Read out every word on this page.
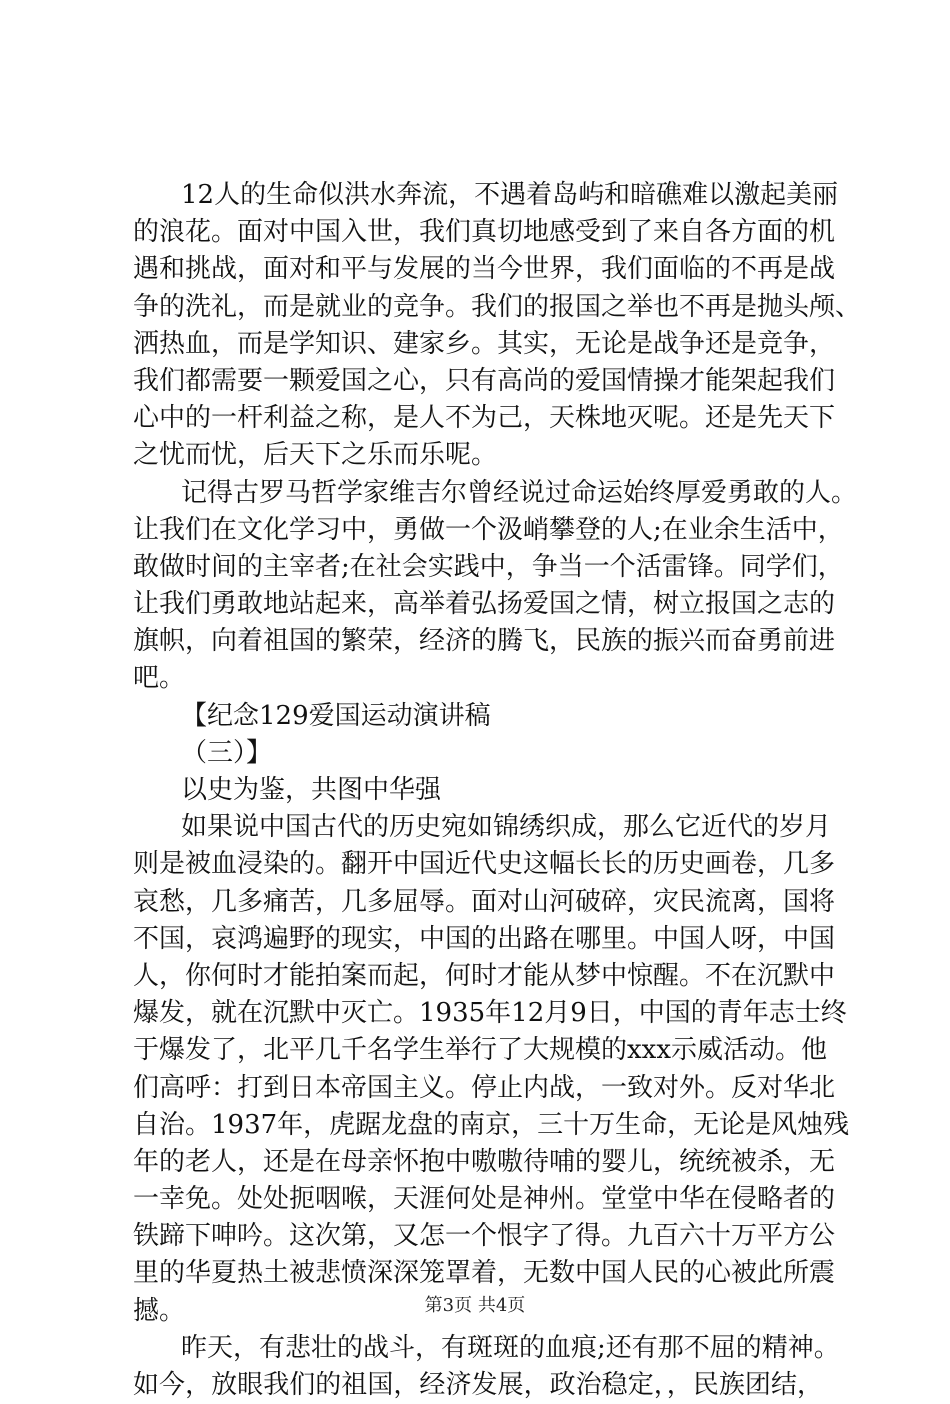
12人的生命似洪水奔流，不遇着岛屿和暗礁难以激起美丽
的浪花。面对中国入世，我们真切地感受到了来自各方面的机
遇和挑战，面对和平与发展的当今世界，我们面临的不再是战
争的洗礼，而是就业的竞争。我们的报国之举也不再是抛头颅、
洒热血，而是学知识、建家乡。其实，无论是战争还是竞争，
我们都需要一颗爱国之心，只有高尚的爱国情操才能架起我们
心中的一杆利益之称，是人不为己，天株地灭呢。还是先天下
之忧而忧，后天下之乐而乐呢。
记得古罗马哲学家维吉尔曾经说过命运始终厚爱勇敢的人。
让我们在文化学习中，勇做一个汲峭攀登的人;在业余生活中，
敢做时间的主宰者;在社会实践中，争当一个活雷锋。同学们，
让我们勇敢地站起来，高举着弘扬爱国之情，树立报国之志的
旗帜，向着祖国的繁荣，经济的腾飞，民族的振兴而奋勇前进
吧。
【纪念129爱国运动演讲稿
（三）】
以史为鉴，共图中华强
如果说中国古代的历史宛如锦绣织成，那么它近代的岁月
则是被血浸染的。翻开中国近代史这幅长长的历史画卷，几多
哀愁，几多痛苦，几多屈辱。面对山河破碎，灾民流离，国将
不国，哀鸿遍野的现实，中国的出路在哪里。中国人呀，中国
人，你何时才能拍案而起，何时才能从梦中惊醒。不在沉默中
爆发，就在沉默中灭亡。1935年12月9日，中国的青年志士终
于爆发了，北平几千名学生举行了大规模的xxx示威活动。他
们高呼：打到日本帝国主义。停止内战，一致对外。反对华北
自治。1937年，虎踞龙盘的南京，三十万生命，无论是风烛残
年的老人，还是在母亲怀抱中嗷嗷待哺的婴儿，统统被杀，无
一幸免。处处扼咽喉，天涯何处是神州。堂堂中华在侵略者的
铁蹄下呻吟。这次第，又怎一个恨字了得。九百六十万平方公
里的华夏热土被悲愤深深笼罩着，无数中国人民的心被此所震
撼。
昨天，有悲壮的战斗，有斑斑的血痕;还有那不屈的精神。
如今，放眼我们的祖国，经济发展，政治稳定，，民族团结，
第3页 共4页
